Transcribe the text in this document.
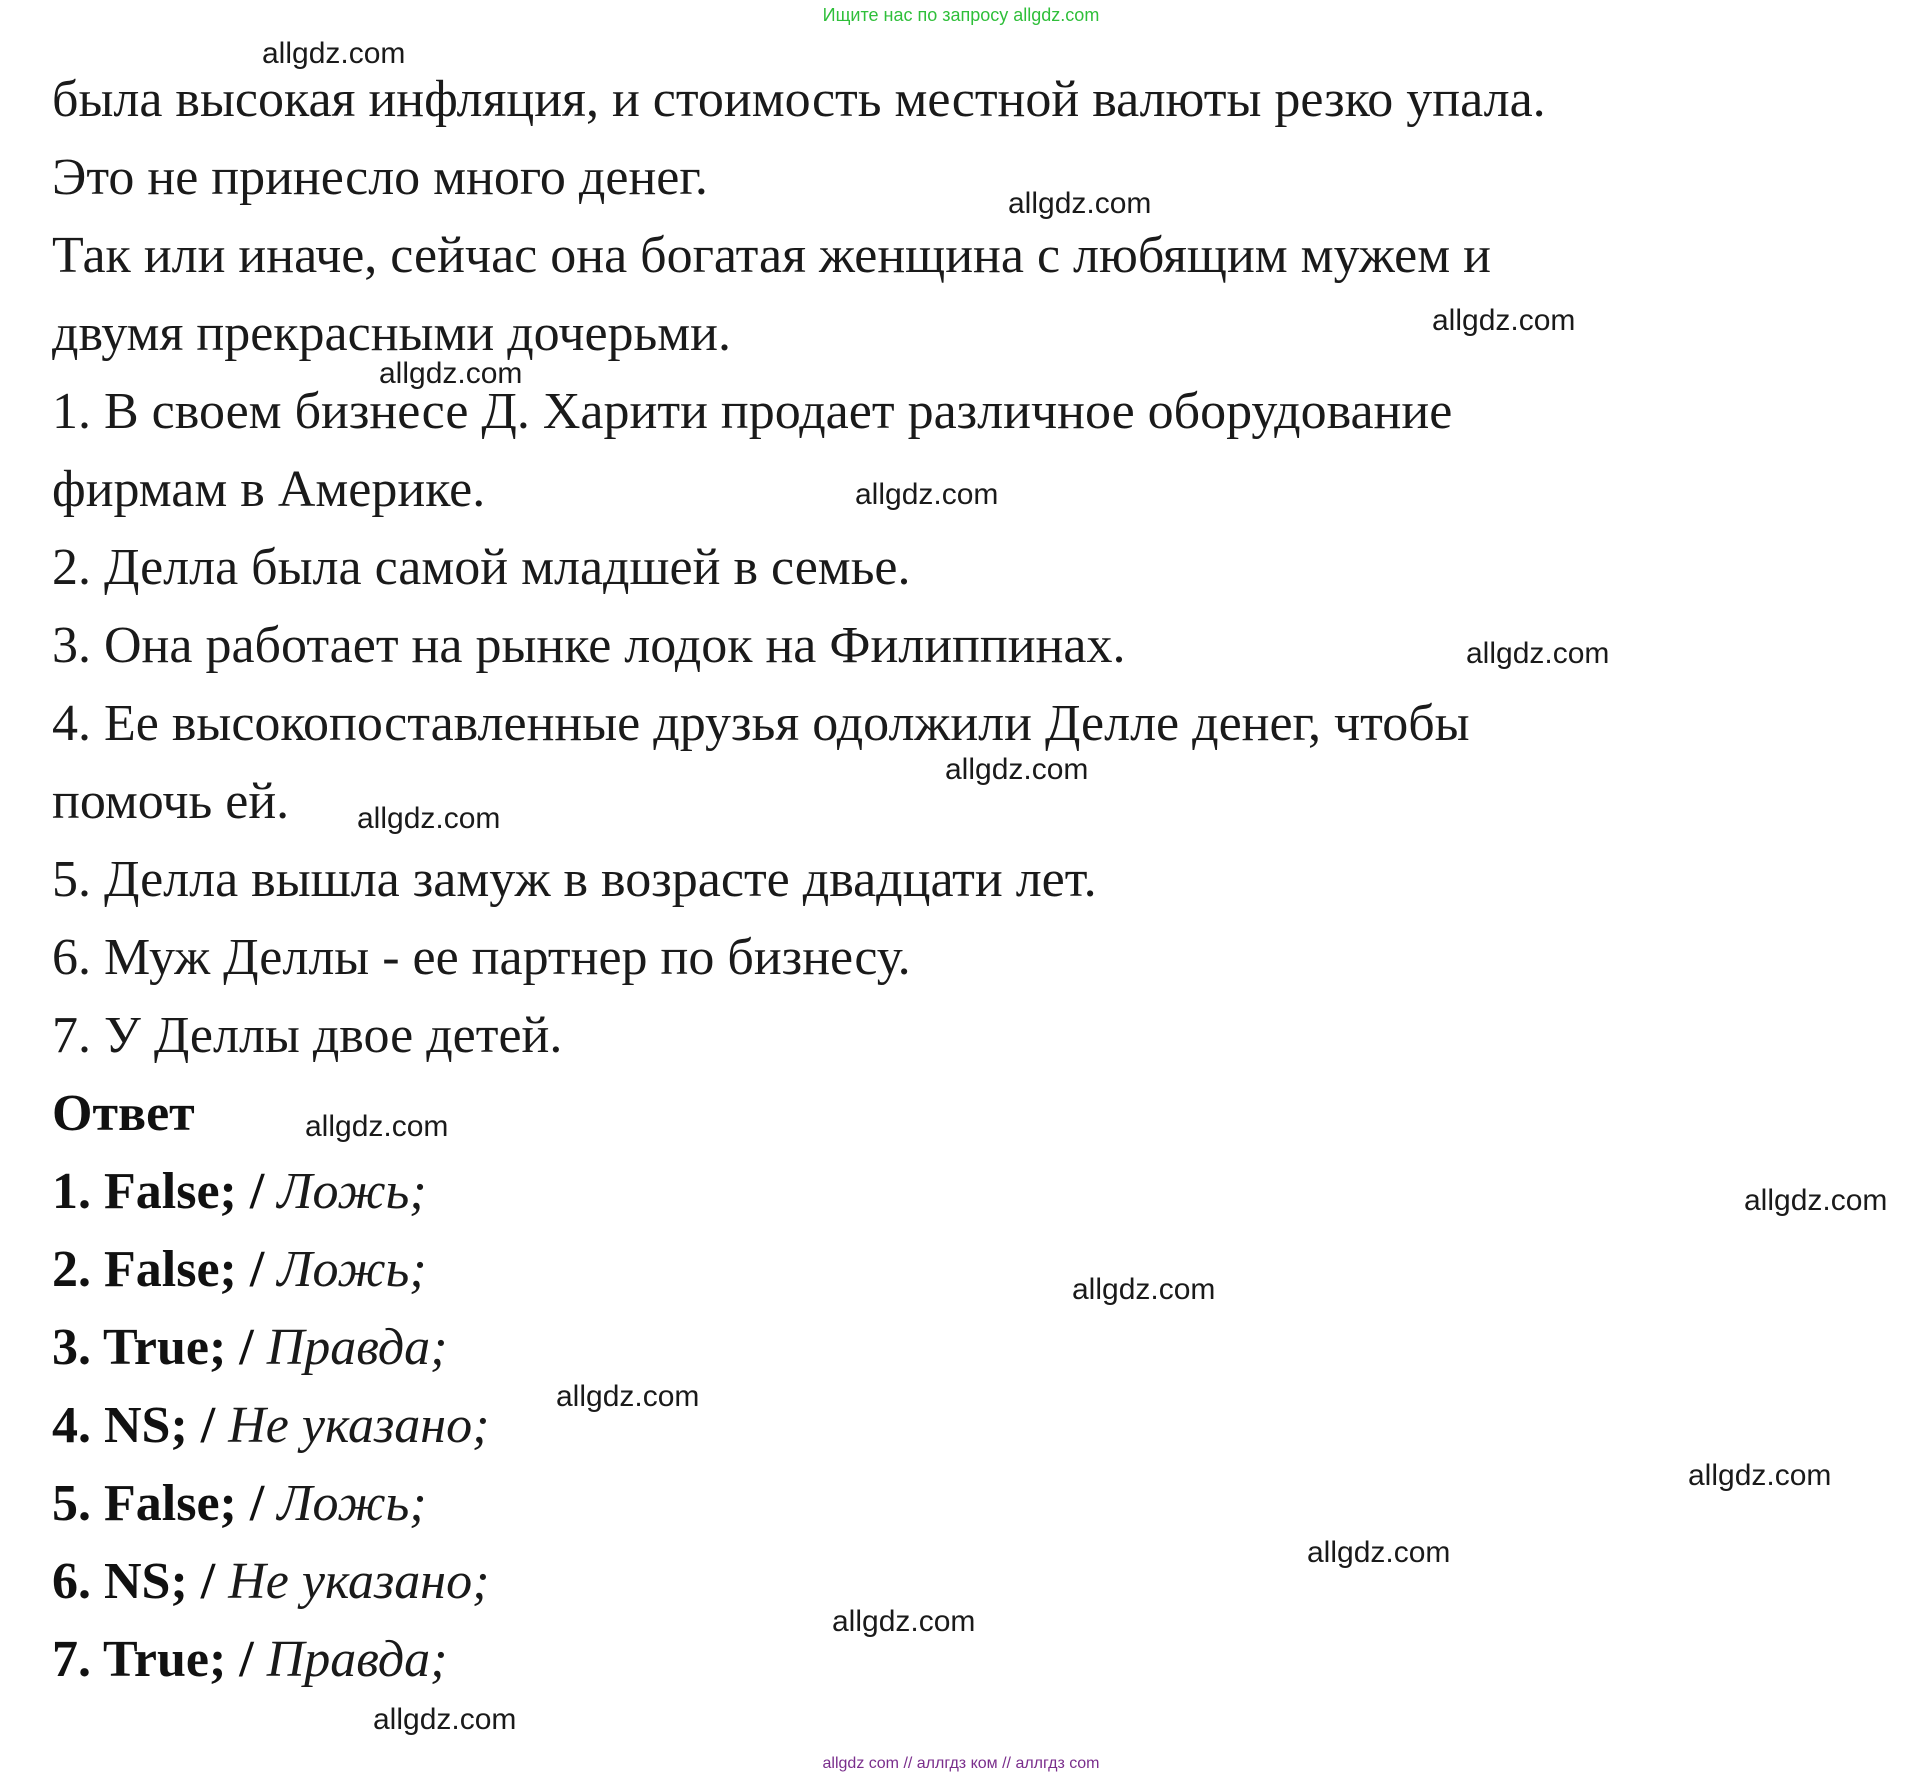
Ищите нас по запросу allgdz.com
была высокая инфляция, и стоимость местной валюты резко упала.
Это не принесло много денег.
Так или иначе, сейчас она богатая женщина с любящим мужем и
двумя прекрасными дочерьми.
1. В своем бизнесе Д. Харити продает различное оборудование
фирмам в Америке.
2. Делла была самой младшей в семье.
3. Она работает на рынке лодок на Филиппинах.
4. Ее высокопоставленные друзья одолжили Делле денег, чтобы
помочь ей.
5. Делла вышла замуж в возрасте двадцати лет.
6. Муж Деллы - ее партнер по бизнесу.
7. У Деллы двое детей.
Ответ
1. False; / Ложь;
2. False; / Ложь;
3. True; / Правда;
4. NS; / Не указано;
5. False; / Ложь;
6. NS; / Не указано;
7. True; / Правда;
allgdz.com
allgdz.com
allgdz.com
allgdz.com
allgdz.com
allgdz.com
allgdz.com
allgdz.com
allgdz.com
allgdz.com
allgdz.com
allgdz.com
allgdz.com
allgdz.com
allgdz.com
allgdz.com
allgdz com // аллгдз ком // аллгдз com
